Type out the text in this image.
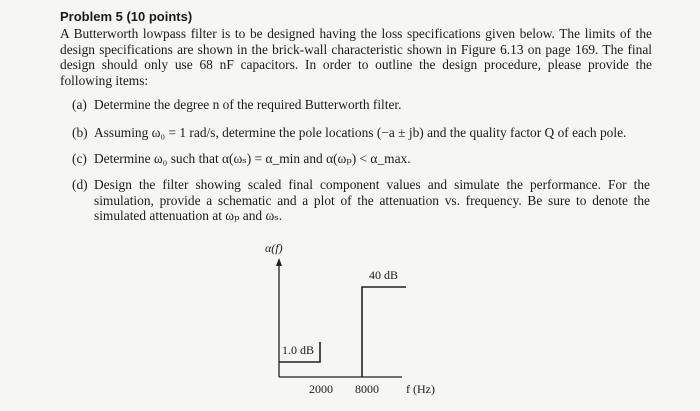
Problem 5 (10 points)
A Butterworth lowpass filter is to be designed having the loss specifications given below. The limits of the design specifications are shown in the brick-wall characteristic shown in Figure 6.13 on page 169. The final design should only use 68 nF capacitors. In order to outline the design procedure, please provide the following items:
(a) Determine the degree n of the required Butterworth filter.
(b) Assuming ω₀ = 1 rad/s, determine the pole locations (−a ± jb) and the quality factor Q of each pole.
(c) Determine ω₀ such that α(ωₛ) = α_min and α(ωₚ) < α_max.
(d) Design the filter showing scaled final component values and simulate the performance. For the simulation, provide a schematic and a plot of the attenuation vs. frequency. Be sure to denote the simulated attenuation at ωₚ and ωₛ.
α(f)
40 dB
1.0 dB
2000 8000 f (Hz)
